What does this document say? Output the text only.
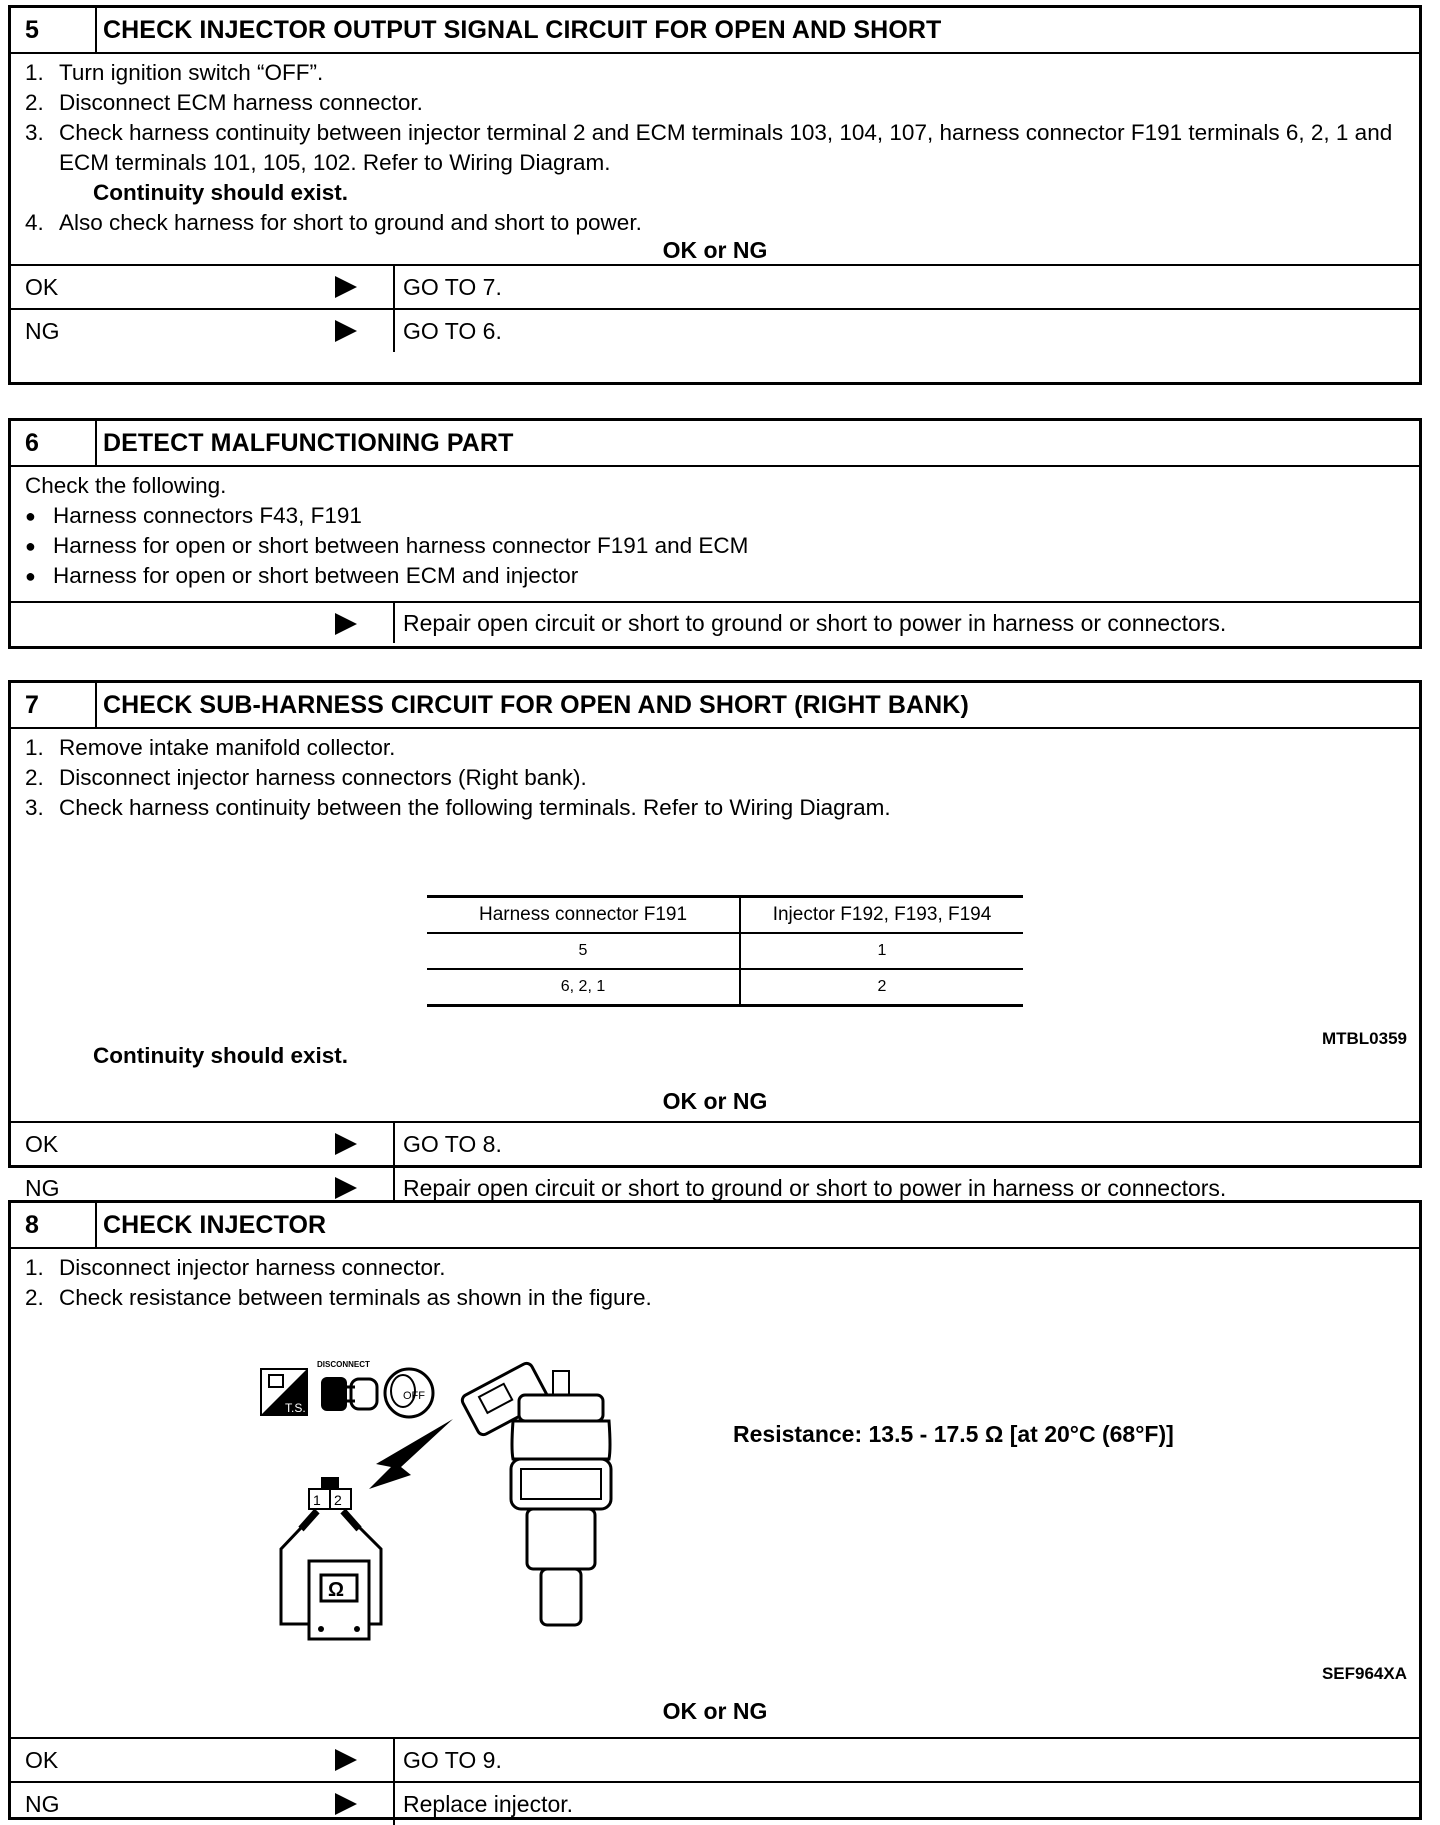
5	CHECK INJECTOR OUTPUT SIGNAL CIRCUIT FOR OPEN AND SHORT
1. Turn ignition switch “OFF”.
2. Disconnect ECM harness connector.
3. Check harness continuity between injector terminal 2 and ECM terminals 103, 104, 107, harness connector F191 terminals 6, 2, 1 and ECM terminals 101, 105, 102. Refer to Wiring Diagram.

Continuity should exist.

4. Also check harness for short to ground and short to power.
OK or NG
OK	GO TO 7.
NG	GO TO 6.
6	DETECT MALFUNCTIONING PART

Check the following.

● Harness connectors F43, F191
● Harness for open or short between harness connector F191 and ECM
● Harness for open or short between ECM and injector
Repair open circuit or short to ground or short to power in harness or connectors.
7	CHECK SUB-HARNESS CIRCUIT FOR OPEN AND SHORT (RIGHT BANK)
1. Remove intake manifold collector.
2. Disconnect injector harness connectors (Right bank).
3. Check harness continuity between the following terminals. Refer to Wiring Diagram.
Harness connector F191	Injector F192, F193, F194
5	1
6, 2, 1	2
MTBL0359
Continuity should exist.
OK or NG
OK	GO TO 8.
NG	Repair open circuit or short to ground or short to power in harness or connectors.
8	CHECK INJECTOR
1. Disconnect injector harness connector.
2. Check resistance between terminals as shown in the figure.
T.S.
DISCONNECT
OFF
1 2
Ω
Resistance: 13.5 - 17.5 Ω [at 20°C (68°F)]
SEF964XA
OK or NG
OK	GO TO 9.
NG	Replace injector.
